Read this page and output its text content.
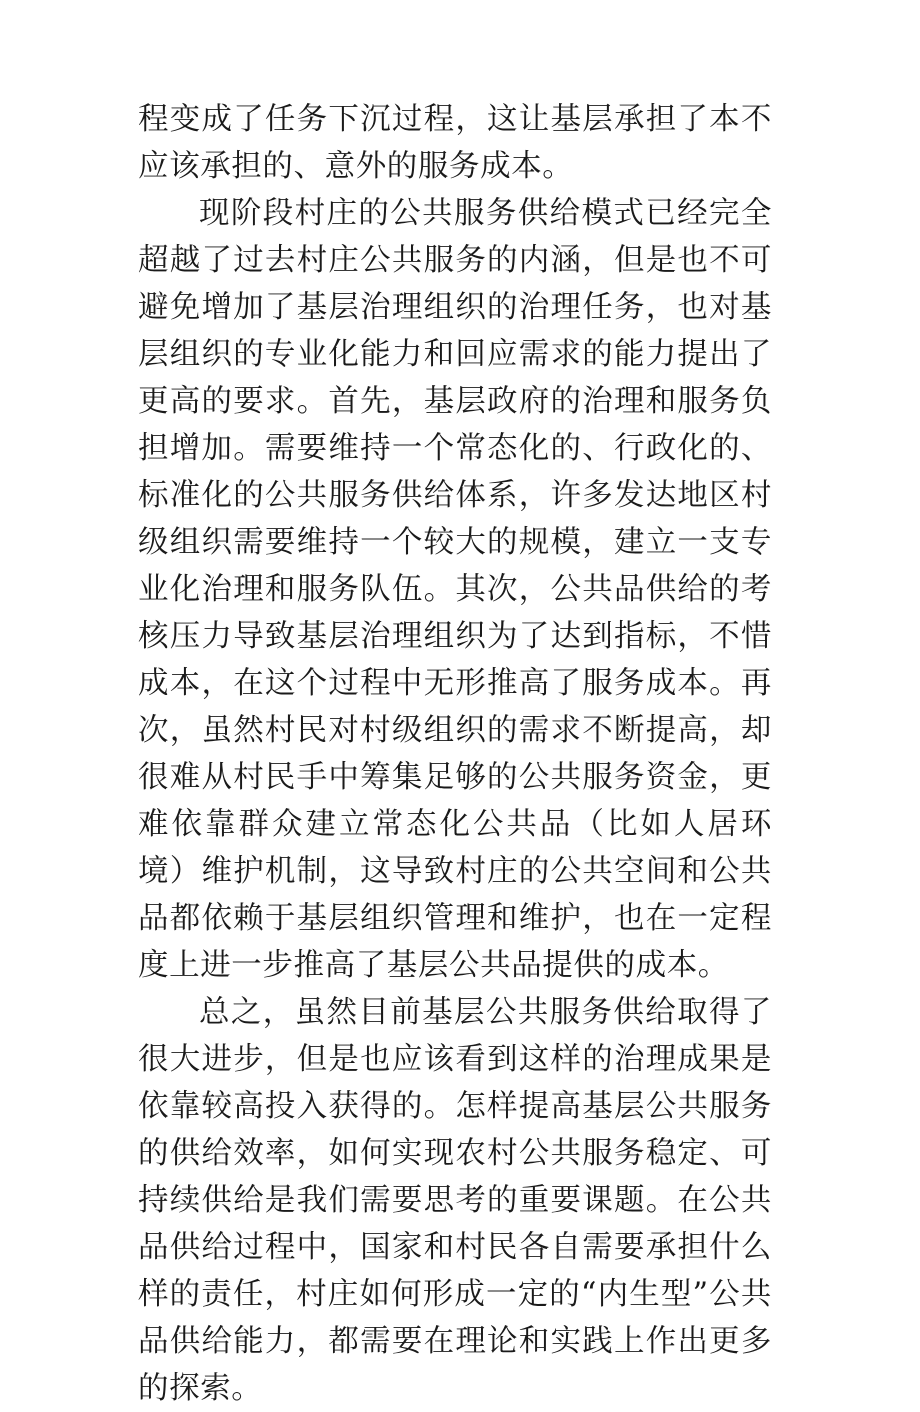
程变成了任务下沉过程，这让基层承担了本不应该承担的、意外的服务成本。

现阶段村庄的公共服务供给模式已经完全超越了过去村庄公共服务的内涵，但是也不可避免增加了基层治理组织的治理任务，也对基层组织的专业化能力和回应需求的能力提出了更高的要求。首先，基层政府的治理和服务负担增加。需要维持一个常态化的、行政化的、标准化的公共服务供给体系，许多发达地区村级组织需要维持一个较大的规模，建立一支专业化治理和服务队伍。其次，公共品供给的考核压力导致基层治理组织为了达到指标，不惜成本，在这个过程中无形推高了服务成本。再次，虽然村民对村级组织的需求不断提高，却很难从村民手中筹集足够的公共服务资金，更难依靠群众建立常态化公共品（比如人居环境）维护机制，这导致村庄的公共空间和公共品都依赖于基层组织管理和维护，也在一定程度上进一步推高了基层公共品提供的成本。

总之，虽然目前基层公共服务供给取得了很大进步，但是也应该看到这样的治理成果是依靠较高投入获得的。怎样提高基层公共服务的供给效率，如何实现农村公共服务稳定、可持续供给是我们需要思考的重要课题。在公共品供给过程中，国家和村民各自需要承担什么样的责任，村庄如何形成一定的“内生型”公共品供给能力，都需要在理论和实践上作出更多的探索。
